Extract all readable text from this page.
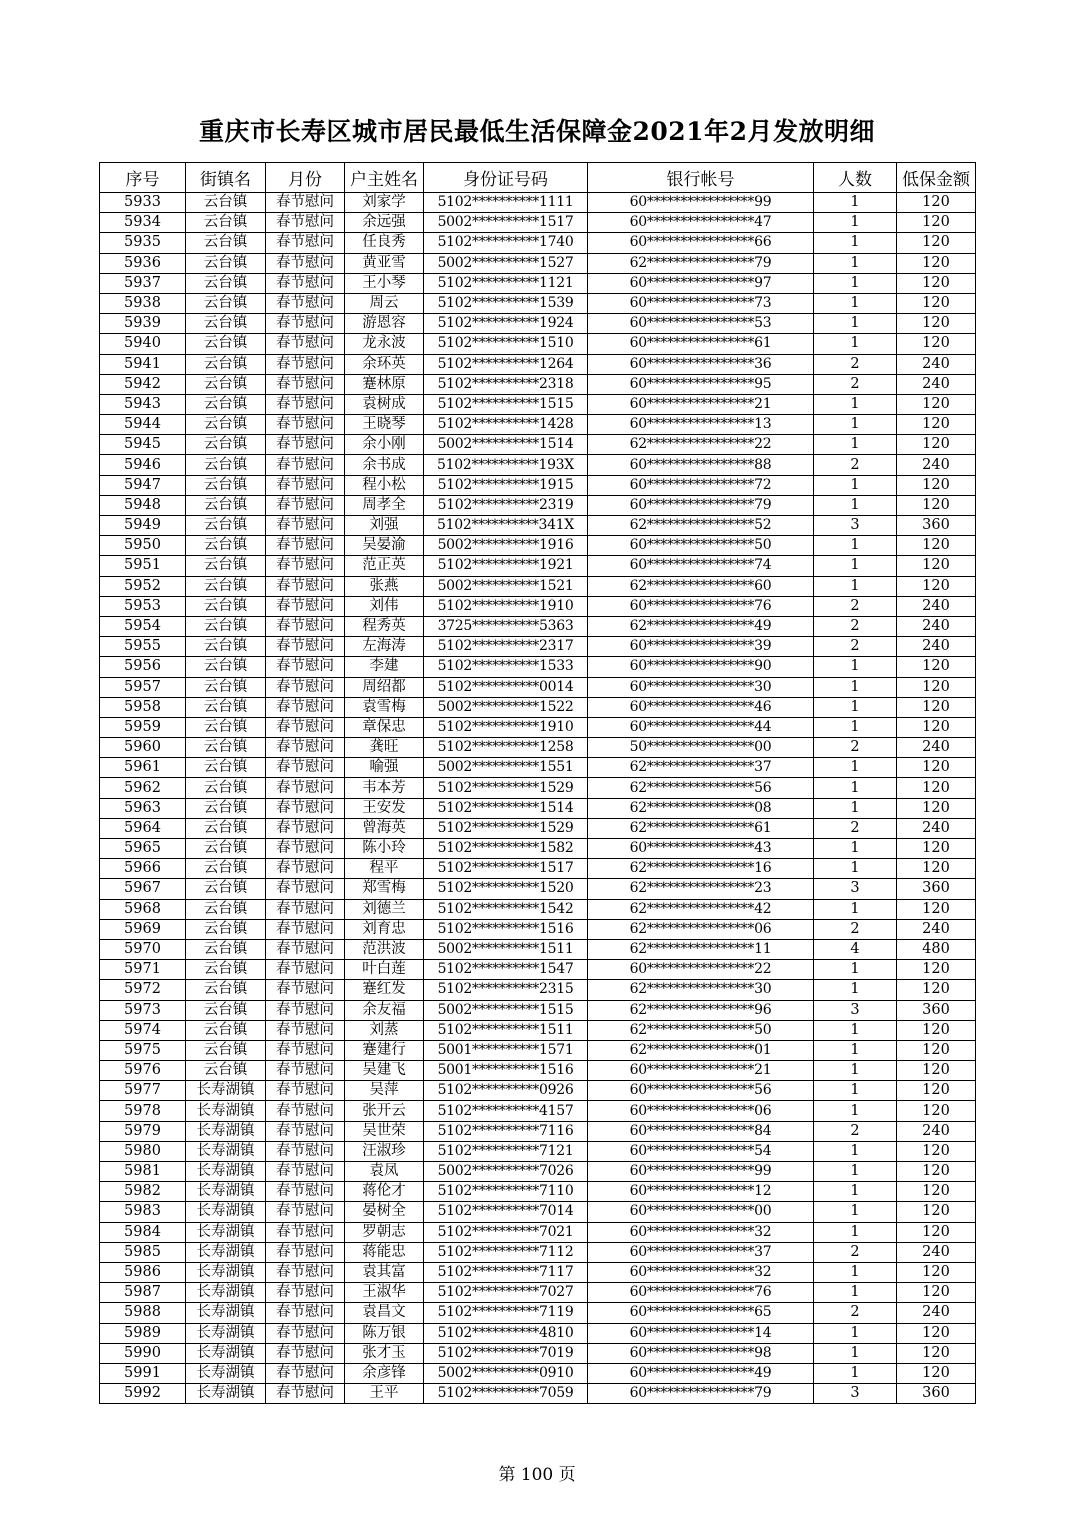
重庆市长寿区城市居民最低生活保障金2021年2月发放明细
序号	街镇名	月份	户主姓名	身份证号码	银行帐号	人数	低保金额
5933	云台镇	春节慰问	刘家学	5102**********1111	60****************99	1	120
5934	云台镇	春节慰问	余远强	5002**********1517	60****************47	1	120
5935	云台镇	春节慰问	任良秀	5102**********1740	60****************66	1	120
5936	云台镇	春节慰问	黄亚雪	5002**********1527	62****************79	1	120
5937	云台镇	春节慰问	王小琴	5102**********1121	60****************97	1	120
5938	云台镇	春节慰问	周云	5102**********1539	60****************73	1	120
5939	云台镇	春节慰问	游恩容	5102**********1924	60****************53	1	120
5940	云台镇	春节慰问	龙永波	5102**********1510	60****************61	1	120
5941	云台镇	春节慰问	余环英	5102**********1264	60****************36	2	240
5942	云台镇	春节慰问	蹇林原	5102**********2318	60****************95	2	240
5943	云台镇	春节慰问	袁树成	5102**********1515	60****************21	1	120
5944	云台镇	春节慰问	王晓琴	5102**********1428	60****************13	1	120
5945	云台镇	春节慰问	余小刚	5002**********1514	62****************22	1	120
5946	云台镇	春节慰问	余书成	5102**********193X	60****************88	2	240
5947	云台镇	春节慰问	程小松	5102**********1915	60****************72	1	120
5948	云台镇	春节慰问	周孝全	5102**********2319	60****************79	1	120
5949	云台镇	春节慰问	刘强	5102**********341X	62****************52	3	360
5950	云台镇	春节慰问	吴晏渝	5002**********1916	60****************50	1	120
5951	云台镇	春节慰问	范正英	5102**********1921	60****************74	1	120
5952	云台镇	春节慰问	张燕	5002**********1521	62****************60	1	120
5953	云台镇	春节慰问	刘伟	5102**********1910	60****************76	2	240
5954	云台镇	春节慰问	程秀英	3725**********5363	62****************49	2	240
5955	云台镇	春节慰问	左海涛	5102**********2317	60****************39	2	240
5956	云台镇	春节慰问	李建	5102**********1533	60****************90	1	120
5957	云台镇	春节慰问	周绍都	5102**********0014	60****************30	1	120
5958	云台镇	春节慰问	袁雪梅	5002**********1522	60****************46	1	120
5959	云台镇	春节慰问	章保忠	5102**********1910	60****************44	1	120
5960	云台镇	春节慰问	龚旺	5102**********1258	50****************00	2	240
5961	云台镇	春节慰问	喻强	5002**********1551	62****************37	1	120
5962	云台镇	春节慰问	韦本芳	5102**********1529	62****************56	1	120
5963	云台镇	春节慰问	王安发	5102**********1514	62****************08	1	120
5964	云台镇	春节慰问	曾海英	5102**********1529	62****************61	2	240
5965	云台镇	春节慰问	陈小玲	5102**********1582	60****************43	1	120
5966	云台镇	春节慰问	程平	5102**********1517	62****************16	1	120
5967	云台镇	春节慰问	郑雪梅	5102**********1520	62****************23	3	360
5968	云台镇	春节慰问	刘德兰	5102**********1542	62****************42	1	120
5969	云台镇	春节慰问	刘育忠	5102**********1516	62****************06	2	240
5970	云台镇	春节慰问	范洪波	5002**********1511	62****************11	4	480
5971	云台镇	春节慰问	叶白莲	5102**********1547	60****************22	1	120
5972	云台镇	春节慰问	蹇红发	5102**********2315	62****************30	1	120
5973	云台镇	春节慰问	余友福	5002**********1515	62****************96	3	360
5974	云台镇	春节慰问	刘蒸	5102**********1511	62****************50	1	120
5975	云台镇	春节慰问	蹇建行	5001**********1571	62****************01	1	120
5976	云台镇	春节慰问	吴建飞	5001**********1516	60****************21	1	120
5977	长寿湖镇	春节慰问	吴萍	5102**********0926	60****************56	1	120
5978	长寿湖镇	春节慰问	张开云	5102**********4157	60****************06	1	120
5979	长寿湖镇	春节慰问	吴世荣	5102**********7116	60****************84	2	240
5980	长寿湖镇	春节慰问	汪淑珍	5102**********7121	60****************54	1	120
5981	长寿湖镇	春节慰问	袁凤	5002**********7026	60****************99	1	120
5982	长寿湖镇	春节慰问	蒋伦才	5102**********7110	60****************12	1	120
5983	长寿湖镇	春节慰问	晏树全	5102**********7014	60****************00	1	120
5984	长寿湖镇	春节慰问	罗朝志	5102**********7021	60****************32	1	120
5985	长寿湖镇	春节慰问	蒋能忠	5102**********7112	60****************37	2	240
5986	长寿湖镇	春节慰问	袁其富	5102**********7117	60****************32	1	120
5987	长寿湖镇	春节慰问	王淑华	5102**********7027	60****************76	1	120
5988	长寿湖镇	春节慰问	袁昌文	5102**********7119	60****************65	2	240
5989	长寿湖镇	春节慰问	陈万银	5102**********4810	60****************14	1	120
5990	长寿湖镇	春节慰问	张才玉	5102**********7019	60****************98	1	120
5991	长寿湖镇	春节慰问	余彦锋	5002**********0910	60****************49	1	120
5992	长寿湖镇	春节慰问	王平	5102**********7059	60****************79	3	360
第 100 页
